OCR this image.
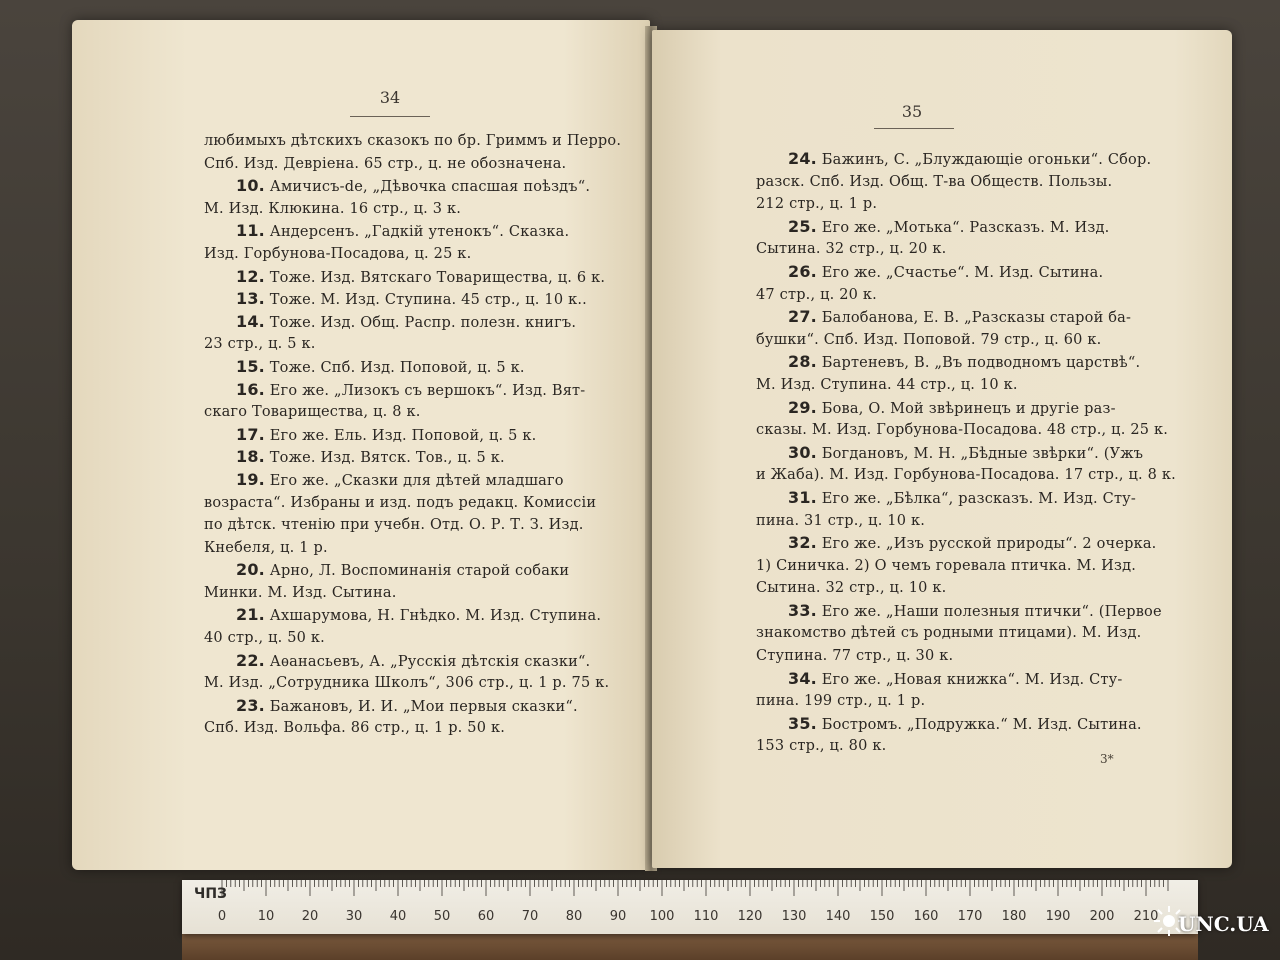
34
любимыхъ дѣтскихъ сказокъ по бр. Гриммъ и Перро.
Спб. Изд. Девріена. 65 стр., ц. не обозначена.
10. Амичисъ-de, „Дѣвочка спасшая поѣздъ“.
М. Изд. Клюкина. 16 стр., ц. 3 к.
11. Андерсенъ. „Гадкій утенокъ“. Сказка.
Изд. Горбунова-Посадова, ц. 25 к.
12. Тоже. Изд. Вятскаго Товарищества, ц. 6 к.
13. Тоже. М. Изд. Ступина. 45 стр., ц. 10 к..
14. Тоже. Изд. Общ. Распр. полезн. книгъ.
23 стр., ц. 5 к.
15. Тоже. Спб. Изд. Поповой, ц. 5 к.
16. Его же. „Лизокъ съ вершокъ“. Изд. Вят-
скаго Товарищества, ц. 8 к.
17. Его же. Ель. Изд. Поповой, ц. 5 к.
18. Тоже. Изд. Вятск. Тов., ц. 5 к.
19. Его же. „Сказки для дѣтей младшаго
возраста“. Избраны и изд. подъ редакц. Комиссіи
по дѣтск. чтенію при учебн. Отд. О. Р. Т. З. Изд.
Кнебеля, ц. 1 р.
20. Арно, Л. Воспоминанія старой собаки
Минки. М. Изд. Сытина.
21. Ахшарумова, Н. Гнѣдко. М. Изд. Ступина.
40 стр., ц. 50 к.
22. Аѳанасьевъ, А. „Русскія дѣтскія сказки“.
М. Изд. „Сотрудника Школъ“, 306 стр., ц. 1 р. 75 к.
23. Бажановъ, И. И. „Мои первыя сказки“.
Спб. Изд. Вольфа. 86 стр., ц. 1 р. 50 к.
35
24. Бажинъ, С. „Блуждающіе огоньки“. Сбор.
разск. Спб. Изд. Общ. Т-ва Обществ. Пользы.
212 стр., ц. 1 р.
25. Его же. „Мотька“. Разсказъ. М. Изд.
Сытина. 32 стр., ц. 20 к.
26. Его же. „Счастье“. М. Изд. Сытина.
47 стр., ц. 20 к.
27. Балобанова, Е. В. „Разсказы старой ба-
бушки“. Спб. Изд. Поповой. 79 стр., ц. 60 к.
28. Бартеневъ, В. „Въ подводномъ царствѣ“.
М. Изд. Ступина. 44 стр., ц. 10 к.
29. Бова, О. Мой звѣринецъ и другіе раз-
сказы. М. Изд. Горбунова-Посадова. 48 стр., ц. 25 к.
30. Богдановъ, М. Н. „Бѣдные звѣрки“. (Ужъ
и Жаба). М. Изд. Горбунова-Посадова. 17 стр., ц. 8 к.
31. Его же. „Бѣлка“, разсказъ. М. Изд. Сту-
пина. 31 стр., ц. 10 к.
32. Его же. „Изъ русской природы“. 2 очерка.
1) Синичка. 2) О чемъ горевала птичка. М. Изд.
Сытина. 32 стр., ц. 10 к.
33. Его же. „Наши полезныя птички“. (Первое
знакомство дѣтей съ родными птицами). М. Изд.
Ступина. 77 стр., ц. 30 к.
34. Его же. „Новая книжка“. М. Изд. Сту-
пина. 199 стр., ц. 1 р.
35. Бостромъ. „Подружка.“ М. Изд. Сытина.
153 стр., ц. 80 к.
3*
ЧПЗ
0 10 20 30 40 50 60 70 80 90 100 110 120 130 140 150 160 170 180 190 200 210 UNC.UA
